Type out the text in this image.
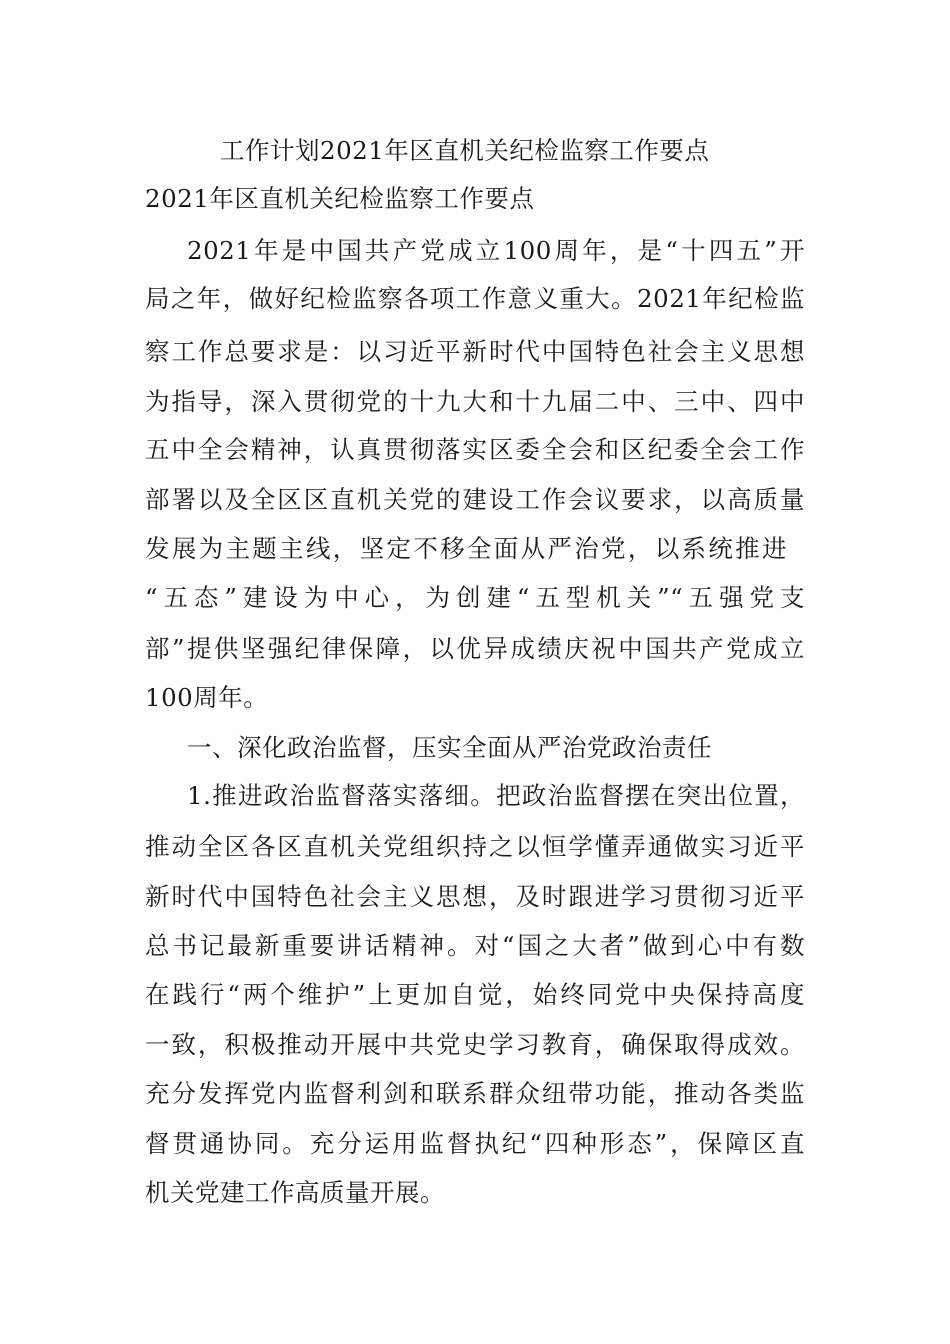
工作计划2021年区直机关纪检监察工作要点
2021年区直机关纪检监察工作要点
2021年是中国共产党成立100周年，是“十四五”开
局之年，做好纪检监察各项工作意义重大。2021年纪检监
察工作总要求是：以习近平新时代中国特色社会主义思想
为指导，深入贯彻党的十九大和十九届二中、三中、四中
五中全会精神，认真贯彻落实区委全会和区纪委全会工作
部署以及全区区直机关党的建设工作会议要求，以高质量
发展为主题主线，坚定不移全面从严治党，以系统推进
“五态”建设为中心，为创建“五型机关”“五强党支
部”提供坚强纪律保障，以优异成绩庆祝中国共产党成立
100周年。
一、深化政治监督，压实全面从严治党政治责任
1.推进政治监督落实落细。把政治监督摆在突出位置，
推动全区各区直机关党组织持之以恒学懂弄通做实习近平
新时代中国特色社会主义思想，及时跟进学习贯彻习近平
总书记最新重要讲话精神。对“国之大者”做到心中有数
在践行“两个维护”上更加自觉，始终同党中央保持高度
一致，积极推动开展中共党史学习教育，确保取得成效。
充分发挥党内监督利剑和联系群众纽带功能，推动各类监
督贯通协同。充分运用监督执纪“四种形态”，保障区直
机关党建工作高质量开展。
